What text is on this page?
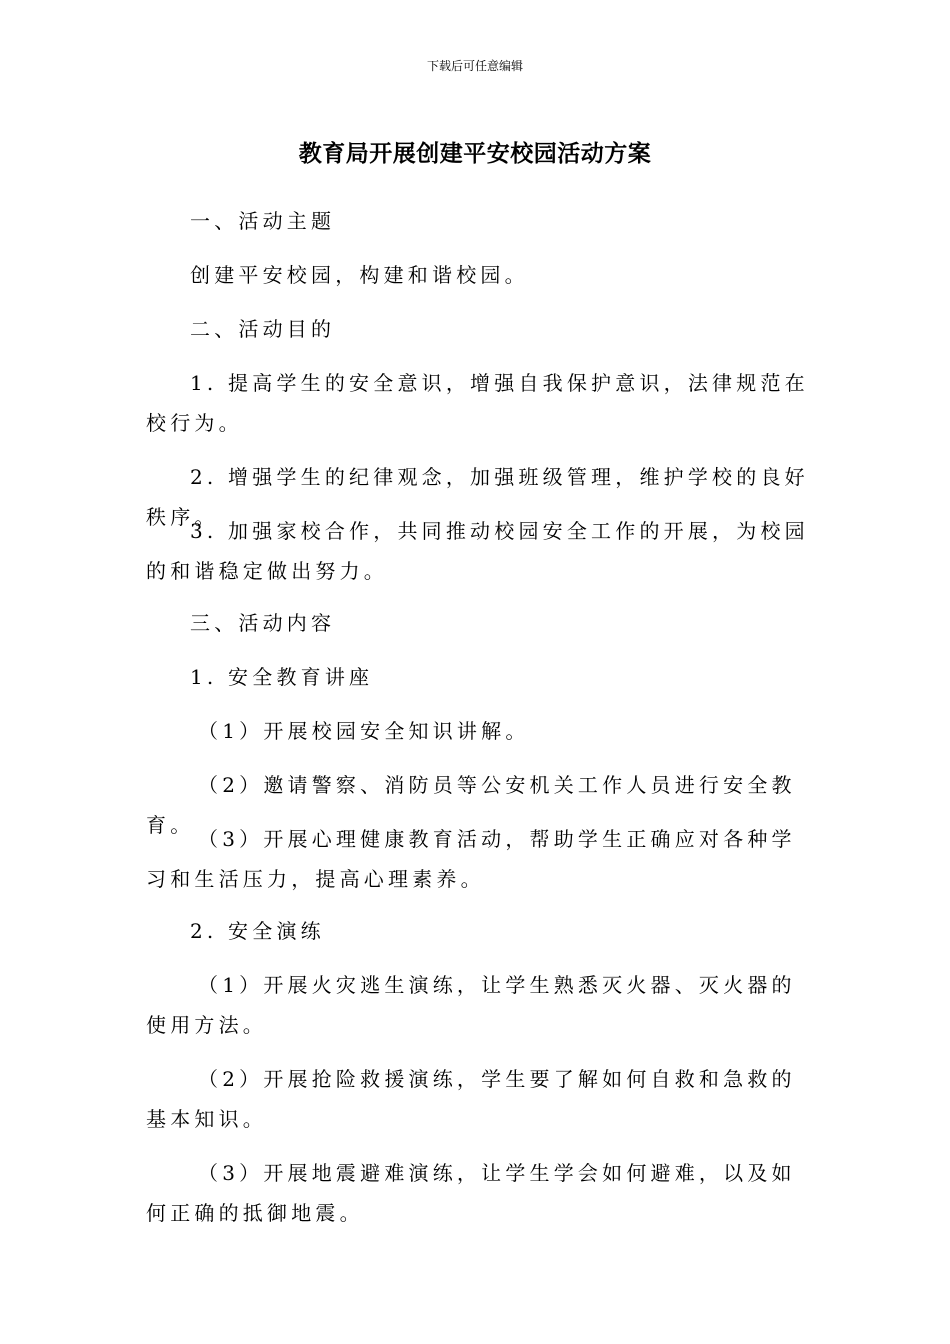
下载后可任意编辑
教育局开展创建平安校园活动方案

一、活动主题

创建平安校园，构建和谐校园。

二、活动目的

1. 提高学生的安全意识，增强自我保护意识，法律规范在校行为。

2. 增强学生的纪律观念，加强班级管理，维护学校的良好秩序。

3. 加强家校合作，共同推动校园安全工作的开展，为校园的和谐稳定做出努力。

三、活动内容

1. 安全教育讲座

（1）开展校园安全知识讲解。

（2）邀请警察、消防员等公安机关工作人员进行安全教育。

（3）开展心理健康教育活动，帮助学生正确应对各种学习和生活压力，提高心理素养。

2. 安全演练

（1）开展火灾逃生演练，让学生熟悉灭火器、灭火器的使用方法。

（2）开展抢险救援演练，学生要了解如何自救和急救的基本知识。

（3）开展地震避难演练，让学生学会如何避难，以及如何正确的抵御地震。
